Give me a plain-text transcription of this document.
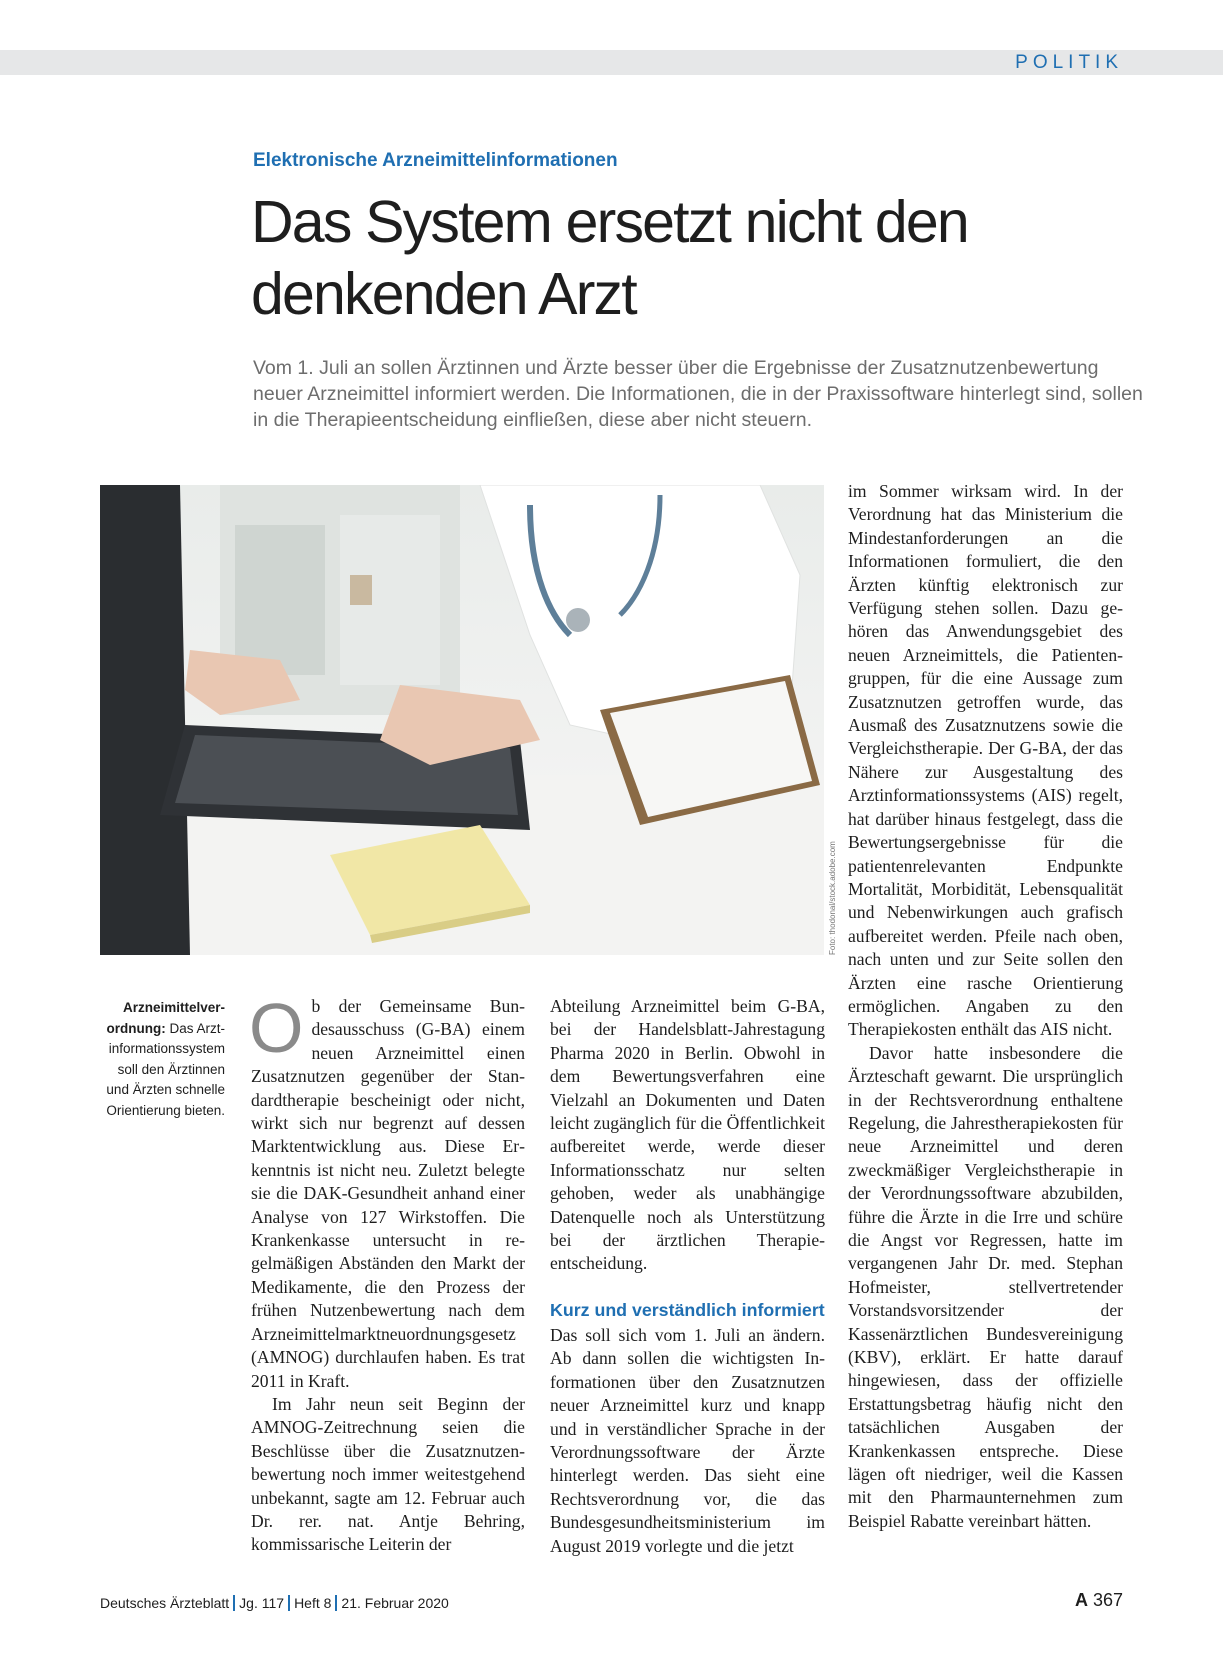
POLITIK
Elektronische Arzneimittelinformationen
Das System ersetzt nicht den
denkenden Arzt
Vom 1. Juli an sollen Ärztinnen und Ärzte besser über die Ergebnisse der Zusatznutzenbewertung neuer Arzneimittel informiert werden. Die Informationen, die in der Praxissoftware hinterlegt sind, sollen in die Therapieentscheidung einfließen, diese aber nicht steuern.
Foto: thodonal/stock.adobe.com
Arzneimittelverordnung: Das Arztinformationssystem soll den Ärztinnen und Ärzten schnelle Orientierung bieten.

Ob der Gemeinsame Bundesausschuss (G-BA) einem neuen Arzneimittel einen Zusatznutzen gegenüber der Standardtherapie bescheinigt oder nicht, wirkt sich nur begrenzt auf dessen Marktentwicklung aus. Diese Erkenntnis ist nicht neu. Zuletzt belegte sie die DAK-Gesundheit anhand einer Analyse von 127 Wirkstoffen. Die Krankenkasse untersucht in regelmäßigen Abständen den Markt der Medikamente, die den Prozess der frühen Nutzenbewertung nach dem Arzneimittelmarktneuordnungsgesetz (AMNOG) durchlaufen haben. Es trat 2011 in Kraft.

Im Jahr neun seit Beginn der AMNOG-Zeitrechnung seien die Beschlüsse über die Zusatznutzenbewertung noch immer weitestgehend unbekannt, sagte am 12. Februar auch Dr. rer. nat. Antje Behring, kommissarische Leiterin der

Abteilung Arzneimittel beim G-BA, bei der Handelsblatt-Jahrestagung Pharma 2020 in Berlin. Obwohl in dem Bewertungsverfahren eine Vielzahl an Dokumenten und Daten leicht zugänglich für die Öffentlichkeit aufbereitet werde, werde dieser Informationsschatz nur selten gehoben, weder als unabhängige Datenquelle noch als Unterstützung bei der ärztlichen Therapieentscheidung.

Kurz und verständlich informiert

Das soll sich vom 1. Juli an ändern. Ab dann sollen die wichtigsten Informationen über den Zusatznutzen neuer Arzneimittel kurz und knapp und in verständlicher Sprache in der Verordnungssoftware der Ärzte hinterlegt werden. Das sieht eine Rechtsverordnung vor, die das Bundesgesundheitsministerium im August 2019 vorlegte und die jetzt

im Sommer wirksam wird. In der Verordnung hat das Ministerium die Mindestanforderungen an die Informationen formuliert, die den Ärzten künftig elektronisch zur Verfügung stehen sollen. Dazu gehören das Anwendungsgebiet des neuen Arzneimittels, die Patientengruppen, für die eine Aussage zum Zusatznutzen getroffen wurde, das Ausmaß des Zusatznutzens sowie die Vergleichstherapie. Der G-BA, der das Nähere zur Ausgestaltung des Arztinformationssystems (AIS) regelt, hat darüber hinaus festgelegt, dass die Bewertungsergebnisse für die patientenrelevanten Endpunkte Mortalität, Morbidität, Lebensqualität und Nebenwirkungen auch grafisch aufbereitet werden. Pfeile nach oben, nach unten und zur Seite sollen den Ärzten eine rasche Orientierung ermöglichen. Angaben zu den Therapiekosten enthält das AIS nicht.

Davor hatte insbesondere die Ärzteschaft gewarnt. Die ursprünglich in der Rechtsverordnung enthaltene Regelung, die Jahrestherapiekosten für neue Arzneimittel und deren zweckmäßiger Vergleichstherapie in der Verordnungssoftware abzubilden, führe die Ärzte in die Irre und schüre die Angst vor Regressen, hatte im vergangenen Jahr Dr. med. Stephan Hofmeister, stellvertretender Vorstandsvorsitzender der Kassenärztlichen Bundesvereinigung (KBV), erklärt. Er hatte darauf hingewiesen, dass der offizielle Erstattungsbetrag häufig nicht den tatsächlichen Ausgaben der Krankenkassen entspreche. Diese lägen oft niedriger, weil die Kassen mit den Pharmaunternehmen zum Beispiel Rabatte vereinbart hätten.

Deutsches Ärzteblatt Jg. 117 Heft 8 21. Februar 2020	A 367
